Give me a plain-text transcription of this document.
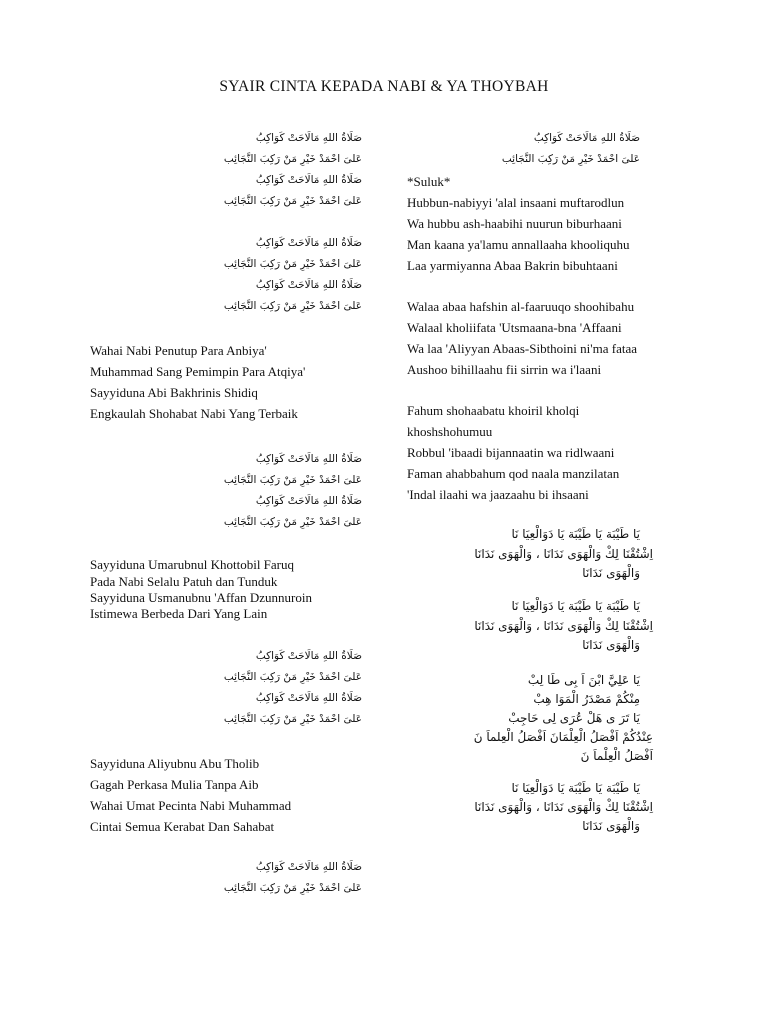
SYAIR CINTA KEPADA NABI & YA THOYBAH
صَلَاةُ اللهِ مَالَاحَتْ كَوَاكِبُ
عَلىَ احْمَدْ خَيْرِ مَنْ رَكِبَ النَّجَائِب
صَلَاةُ اللهِ مَالَاحَتْ كَوَاكِبُ
عَلىَ احْمَدْ خَيْرِ مَنْ رَكِبَ النَّجَائِب
صَلَاةُ اللهِ مَالَاحَتْ كَوَاكِبُ
عَلىَ احْمَدْ خَيْرِ مَنْ رَكِبَ النَّجَائِب
صَلَاةُ اللهِ مَالَاحَتْ كَوَاكِبُ
عَلىَ احْمَدْ خَيْرِ مَنْ رَكِبَ النَّجَائِب
Wahai Nabi Penutup Para Anbiya'
Muhammad Sang Pemimpin Para Atqiya'
Sayyiduna Abi Bakhrinis Shidiq
Engkaulah Shohabat Nabi Yang Terbaik
صَلَاةُ اللهِ مَالَاحَتْ كَوَاكِبُ
عَلىَ احْمَدْ خَيْرِ مَنْ رَكِبَ النَّجَائِب
صَلَاةُ اللهِ مَالَاحَتْ كَوَاكِبُ
عَلىَ احْمَدْ خَيْرِ مَنْ رَكِبَ النَّجَائِب
Sayyiduna Umarubnul Khottobil Faruq
Pada Nabi Selalu Patuh dan Tunduk
Sayyiduna Usmanubnu 'Affan Dzunnuroin
Istimewa Berbeda Dari Yang Lain
صَلَاةُ اللهِ مَالَاحَتْ كَوَاكِبُ
عَلىَ احْمَدْ خَيْرِ مَنْ رَكِبَ النَّجَائِب
صَلَاةُ اللهِ مَالَاحَتْ كَوَاكِبُ
عَلىَ احْمَدْ خَيْرِ مَنْ رَكِبَ النَّجَائِب
Sayyiduna Aliyubnu Abu Tholib
Gagah Perkasa Mulia Tanpa Aib
Wahai Umat Pecinta Nabi Muhammad
Cintai Semua Kerabat Dan Sahabat
صَلَاةُ اللهِ مَالَاحَتْ كَوَاكِبُ
عَلىَ احْمَدْ خَيْرِ مَنْ رَكِبَ النَّجَائِب
صَلَاةُ اللهِ مَالَاحَتْ كَوَاكِبُ
عَلىَ احْمَدْ خَيْرِ مَنْ رَكِبَ النَّجَائِب
*Suluk*
Hubbun-nabiyyi 'alal insaani muftarodlun
Wa hubbu ash-haabihi nuurun biburhaani
Man kaana ya'lamu annallaaha khooliquhu
Laa yarmiyanna Abaa Bakrin bibuhtaani
Walaa abaa hafshin al-faaruuqo shoohibahu
Walaal kholiifata 'Utsmaana-bna 'Affaani
Wa laa 'Aliyyan Abaas-Sibthoini ni'ma fataa
Aushoo bihillaahu fii sirrin wa i'laani
Fahum shohaabatu khoiril kholqi
khoshshohumuu
Robbul 'ibaadi bijannaatin wa ridlwaani
Faman ahabbahum qod naala manzilatan
'Indal ilaahi wa jaazaahu bi ihsaani
يَا طَيْبَة يَا طَيْبَة يَا دَوَالْعِيَا نَا
اِشْتُقْنَا لِكْ وَالْهَوَى نَدَانَا ، وَالْهَوَى نَدَانَا
وَالْهَوَى نَدَانَا
يَا طَيْبَة يَا طَيْبَة يَا دَوَالْعِيَا نَا
اِشْتُقْنَا لِكْ وَالْهَوَى نَدَانَا ، وَالْهَوَى نَدَانَا
وَالْهَوَى نَدَانَا
يَا عَلِيَّ ابْنَ اَ بِى طَا لِبْ
مِنْكُمْ مَصْدَرُ الْمَوَا هِبْ
يَا تَرَ ى هَلْ عُرَى لِى حَاجِبْ
عِنْدُكُمْ اَفْصَلُ الْعِلْمَانَ اَفْصَلُ الْعِلماَ نَ
اَفْصَلُ الْعِلْماَ نَ
يَا طَيْبَة يَا طَيْبَة يَا دَوَالْعِيَا نَا
اِشْتُقْنَا لِكْ وَالْهَوَى نَدَانَا ، وَالْهَوَى نَدَانَا
وَالْهَوَى نَدَانَا
